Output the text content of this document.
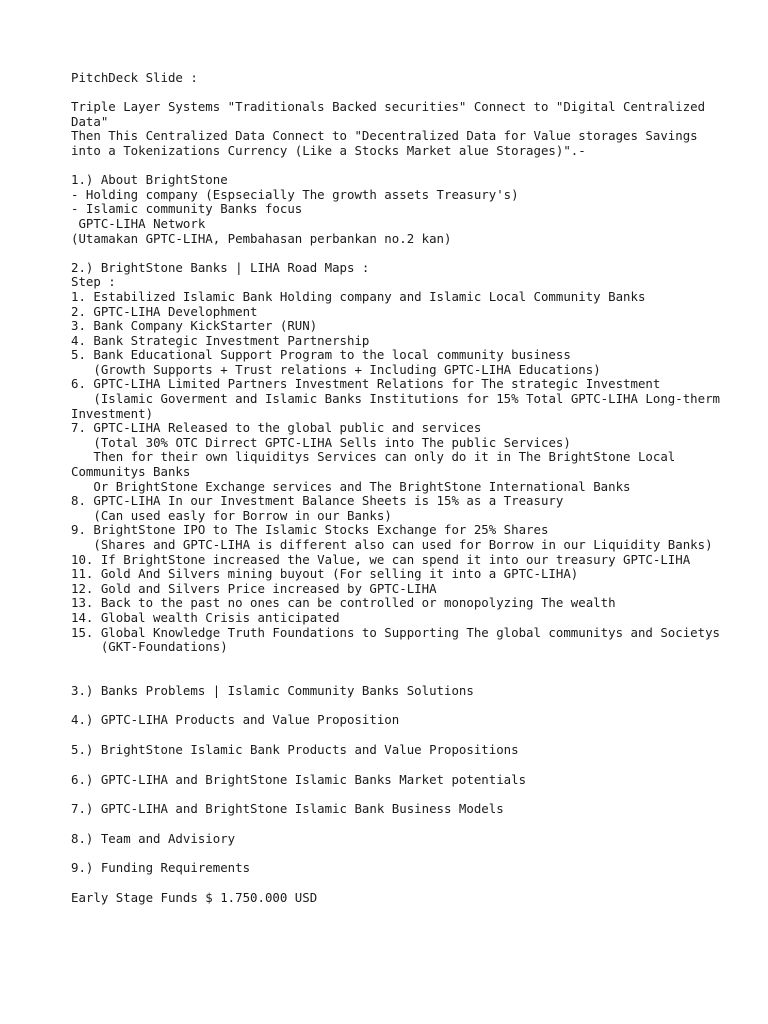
PitchDeck Slide :

Triple Layer Systems "Traditionals Backed securities" Connect to "Digital Centralized Data"

Then This Centralized Data Connect to "Decentralized Data for Value storages Savings into a Tokenizations Currency (Like a Stocks Market alue Storages)".-

1.) About BrightStone

- Holding company (Espsecially The growth assets Treasury's)

- Islamic community Banks focus

GPTC-LIHA Network

(Utamakan GPTC-LIHA, Pembahasan perbankan no.2 kan)

2.) BrightStone Banks | LIHA Road Maps :

Step :

1. Estabilized Islamic Bank Holding company and Islamic Local Community Banks

2. GPTC-LIHA Develophment

3. Bank Company KickStarter (RUN)

4. Bank Strategic Investment Partnership

5. Bank Educational Support Program to the local community business

(Growth Supports + Trust relations + Including GPTC-LIHA Educations)

6. GPTC-LIHA Limited Partners Investment Relations for The strategic Investment

(Islamic Goverment and Islamic Banks Institutions for 15% Total GPTC-LIHA Long-therm Investment)

7. GPTC-LIHA Released to the global public and services

(Total 30% OTC Dirrect GPTC-LIHA Sells into The public Services)

Then for their own liquiditys Services can only do it in The BrightStone Local Communitys Banks

Or BrightStone Exchange services and The BrightStone International Banks

8. GPTC-LIHA In our Investment Balance Sheets is 15% as a Treasury

(Can used easly for Borrow in our Banks)

9. BrightStone IPO to The Islamic Stocks Exchange for 25% Shares

(Shares and GPTC-LIHA is different also can used for Borrow in our Liquidity Banks)

10. If BrightStone increased the Value, we can spend it into our treasury GPTC-LIHA

11. Gold And Silvers mining buyout (For selling it into a GPTC-LIHA)

12. Gold and Silvers Price increased by GPTC-LIHA

13. Back to the past no ones can be controlled or monopolyzing The wealth

14. Global wealth Crisis anticipated

15. Global Knowledge Truth Foundations to Supporting The global communitys and Societys

(GKT-Foundations)

3.) Banks Problems | Islamic Community Banks Solutions

4.) GPTC-LIHA Products and Value Proposition

5.) BrightStone Islamic Bank Products and Value Propositions

6.) GPTC-LIHA and BrightStone Islamic Banks Market potentials

7.) GPTC-LIHA and BrightStone Islamic Bank Business Models

8.) Team and Advisiory

9.) Funding Requirements

Early Stage Funds $ 1.750.000 USD
